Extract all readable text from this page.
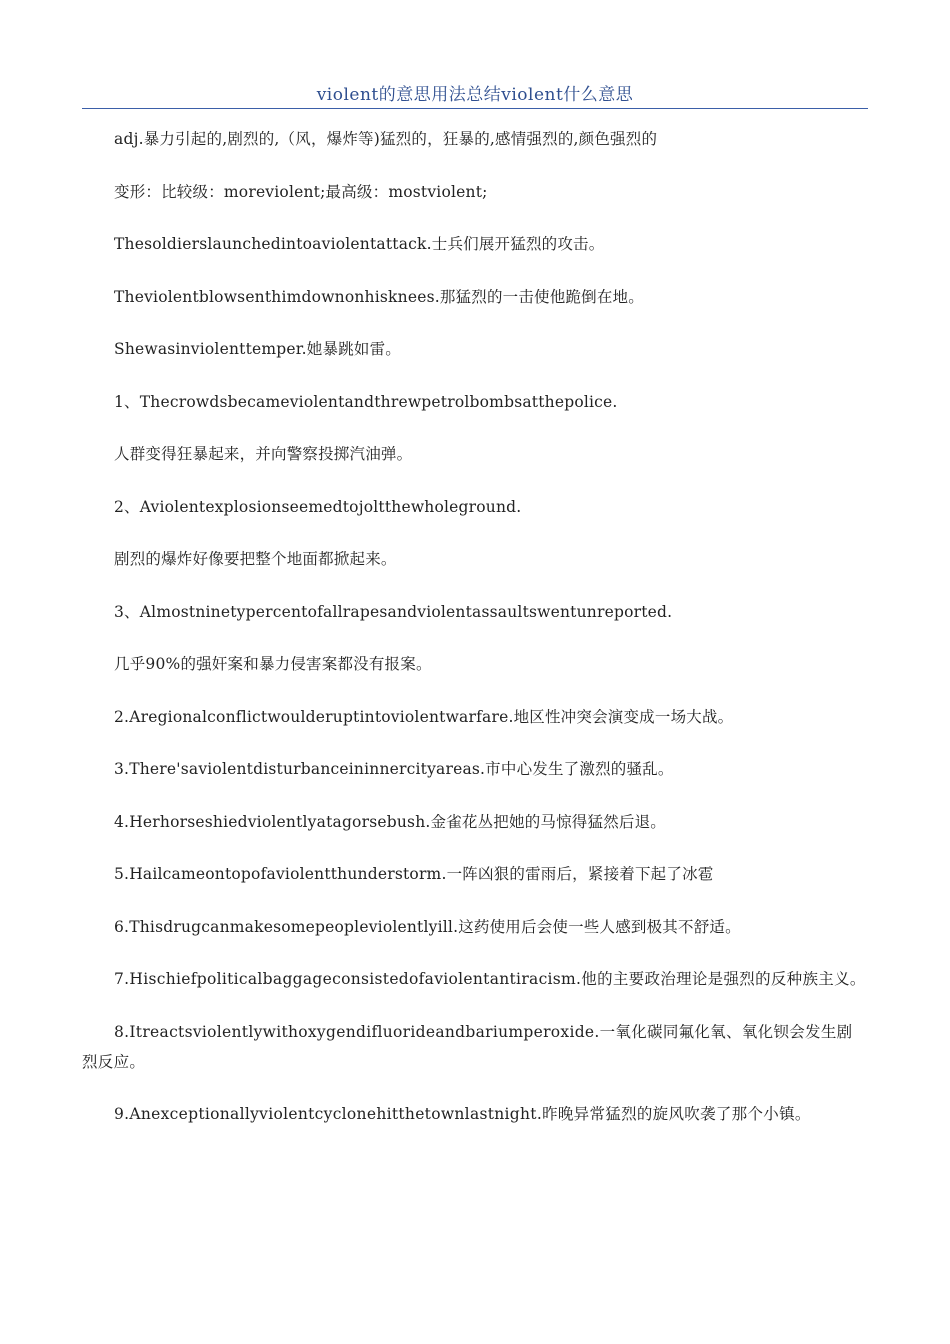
violent的意思用法总结violent什么意思

adj.暴力引起的,剧烈的,（风，爆炸等)猛烈的，狂暴的,感情强烈的,颜色强烈的

变形：比较级：moreviolent;最高级：mostviolent;

Thesoldierslaunchedintoaviolentattack.士兵们展开猛烈的攻击。

Theviolentblowsenthimdownonhisknees.那猛烈的一击使他跪倒在地。

Shewasinviolenttemper.她暴跳如雷。

1、Thecrowdsbecameviolentandthrewpetrolbombsatthepolice.

人群变得狂暴起来，并向警察投掷汽油弹。

2、Aviolentexplosionseemedtojoltthewholeground.

剧烈的爆炸好像要把整个地面都掀起来。

3、Almostninetypercentofallrapesandviolentassaultswentunreported.

几乎90%的强奸案和暴力侵害案都没有报案。

2.Aregionalconflictwoulderuptintoviolentwarfare.地区性冲突会演变成一场大战。

3.There'saviolentdisturbanceininnercityareas.市中心发生了激烈的骚乱。

4.Herhorseshiedviolentlyatagorsebush.金雀花丛把她的马惊得猛然后退。

5.Hailcameontopofaviolentthunderstorm.一阵凶狠的雷雨后，紧接着下起了冰雹

6.Thisdrugcanmakesomepeopleviolentlyill.这药使用后会使一些人感到极其不舒适。

7.Hischiefpoliticalbaggageconsistedofaviolentantiracism.他的主要政治理论是强烈的反种族主义。

8.Itreactsviolentlywithoxygendifluorideandbariumperoxide.一氧化碳同氟化氧、氧化钡会发生剧烈反应。

9.Anexceptionallyviolentcyclonehitthetownlastnight.昨晚异常猛烈的旋风吹袭了那个小镇。
